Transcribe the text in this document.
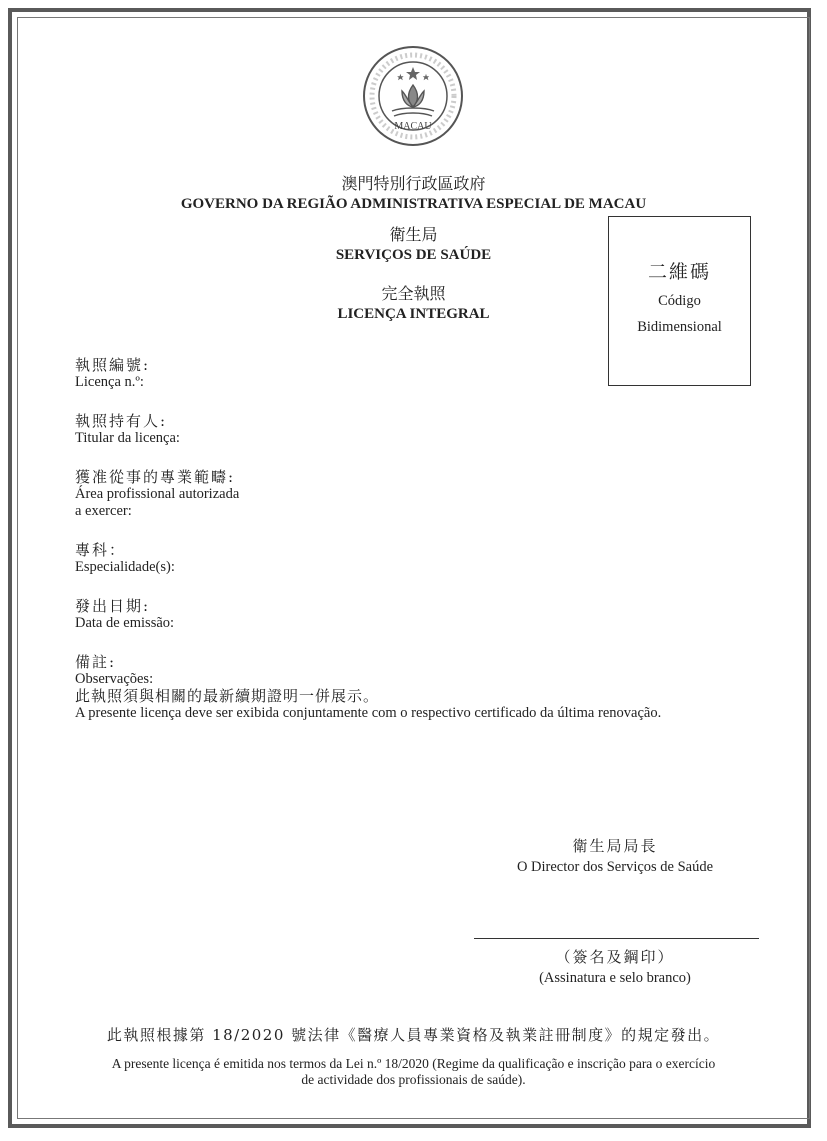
MACAU
澳門特別行政區政府
GOVERNO DA REGIÃO ADMINISTRATIVA ESPECIAL DE MACAU
衛生局
SERVIÇOS DE SAÚDE
完全執照
LICENÇA INTEGRAL
二維碼
Código
Bidimensional
執照編號:
Licença n.º:
執照持有人:
Titular da licença:
獲准從事的專業範疇:
Área profissional autorizada
a exercer:
專科：
Especialidade(s):
發出日期:
Data de emissão:
備註:
Observações:
此執照須與相關的最新續期證明一併展示。
A presente licença deve ser exibida conjuntamente com o respectivo certificado da última renovação.
衛生局局長
O Director dos Serviços de Saúde
（簽名及鋼印）
(Assinatura e selo branco)
此執照根據第 18/2020 號法律《醫療人員專業資格及執業註冊制度》的規定發出。
A presente licença é emitida nos termos da Lei n.º 18/2020 (Regime da qualificação e inscrição para o exercício
de actividade dos profissionais de saúde).
